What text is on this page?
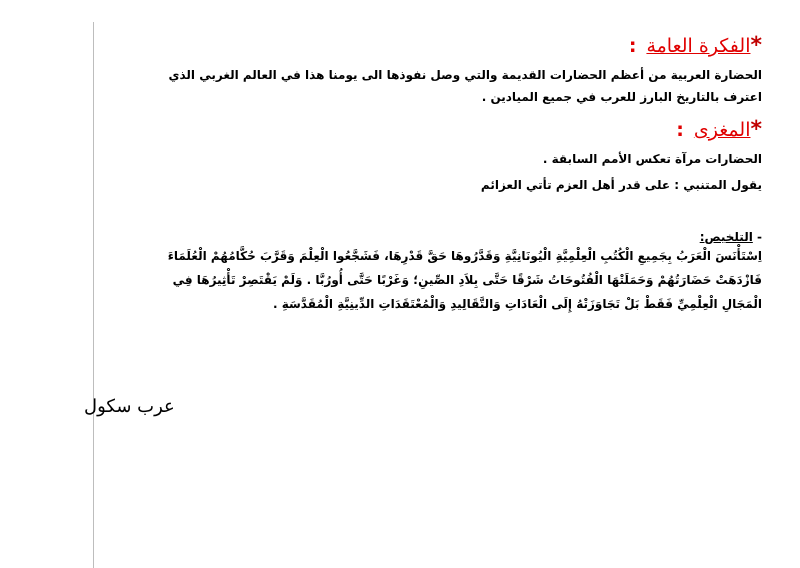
*الفكرة العامة:

الحضارة العربية من أعظم الحضارات القديمة والتي وصل نفوذها الى يومنا هذا في العالم الغربي الذي

اعترف بالتاريخ البارز للعرب في جميع الميادين .

*المغزى:

الحضارات مرآة تعكس الأمم السابقة .

يقول المتنبي : على قدر أهل العزم تأتي العزائم

- التلخيص:

اِسْتَأْنَسَ الْعَرَبُ بِجَمِيعِ الْكُتُبِ الْعِلْمِيَّةِ الْيُونَانِيَّةِ وَقَدَّرُوهَا حَقَّ قَدْرِهَا، فَشَجَّعُوا الْعِلْمَ وَقَرَّبَ حُكَّامُهُمْ الْعُلَمَاءَ

فَازْدَهَتْ حَضَارَتُهُمْ وَحَمَلَتْهَا الْفُتُوحَاتُ شَرْقًا حَتَّى بِلاَدِ الصِّينِ؛ وَغَرْبًا حَتَّى أُورُبَّا . وَلَمْ يَقْتَصِرْ تَأْثِيرُهَا فِي

الْمَجَالِ الْعِلْمِيِّ فَقَطْ بَلْ تَجَاوَزَتْهُ إِلَى الْعَادَاتِ وَالتَّقَالِيدِ وَالْمُعْتَقَدَاتِ الدِّينِيَّةِ الْمُقَدَّسَةِ .

عرب سكول
